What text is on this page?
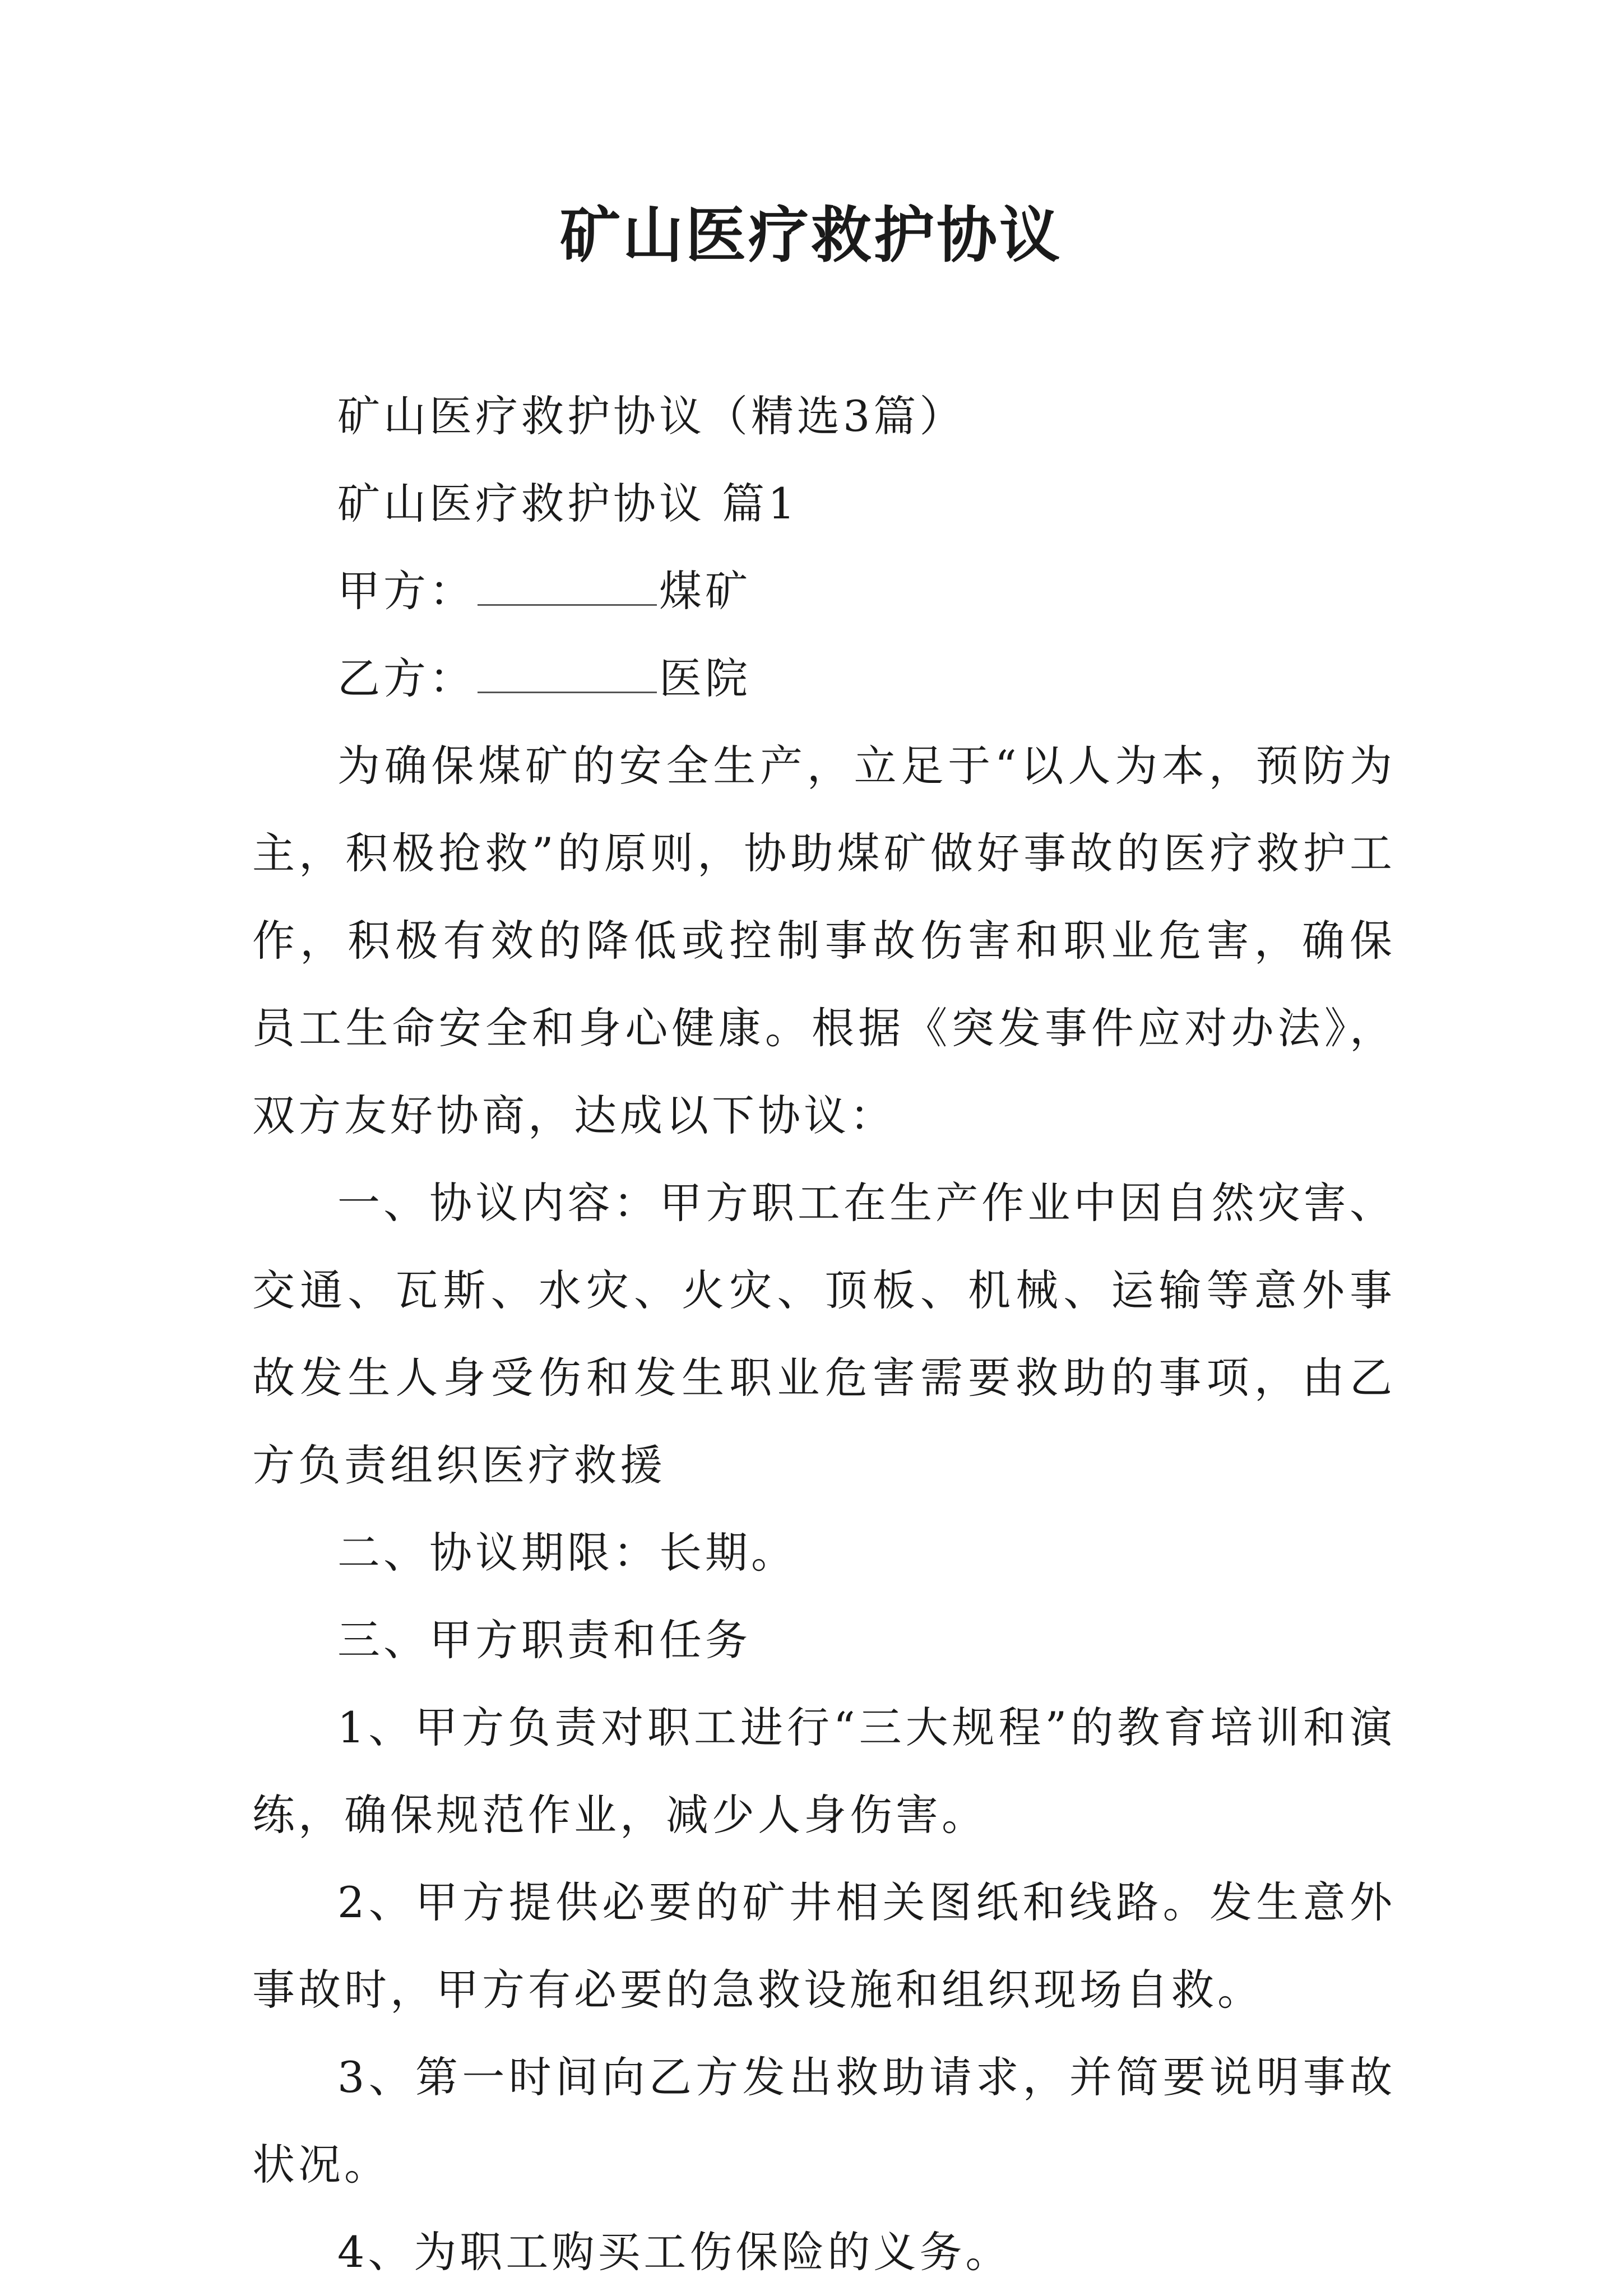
矿山医疗救护协议

矿山医疗救护协议（精选3篇）

矿山医疗救护协议 篇1

甲方：	煤矿

乙方：	医院

为确保煤矿的安全生产，立足于“以人为本，预防为主，积极抢救”的原则，协助煤矿做好事故的医疗救护工作，积极有效的降低或控制事故伤害和职业危害，确保员工生命安全和身心健康。根据《突发事件应对办法》，双方友好协商，达成以下协议：

一、协议内容：甲方职工在生产作业中因自然灾害、交通、瓦斯、水灾、火灾、顶板、机械、运输等意外事故发生人身受伤和发生职业危害需要救助的事项，由乙方负责组织医疗救援

二、协议期限：长期。

三、甲方职责和任务

1、甲方负责对职工进行“三大规程”的教育培训和演练，确保规范作业，减少人身伤害。

2、甲方提供必要的矿井相关图纸和线路。发生意外事故时，甲方有必要的急救设施和组织现场自救。

3、第一时间向乙方发出救助请求，并简要说明事故状况。

4、为职工购买工伤保险的义务。
